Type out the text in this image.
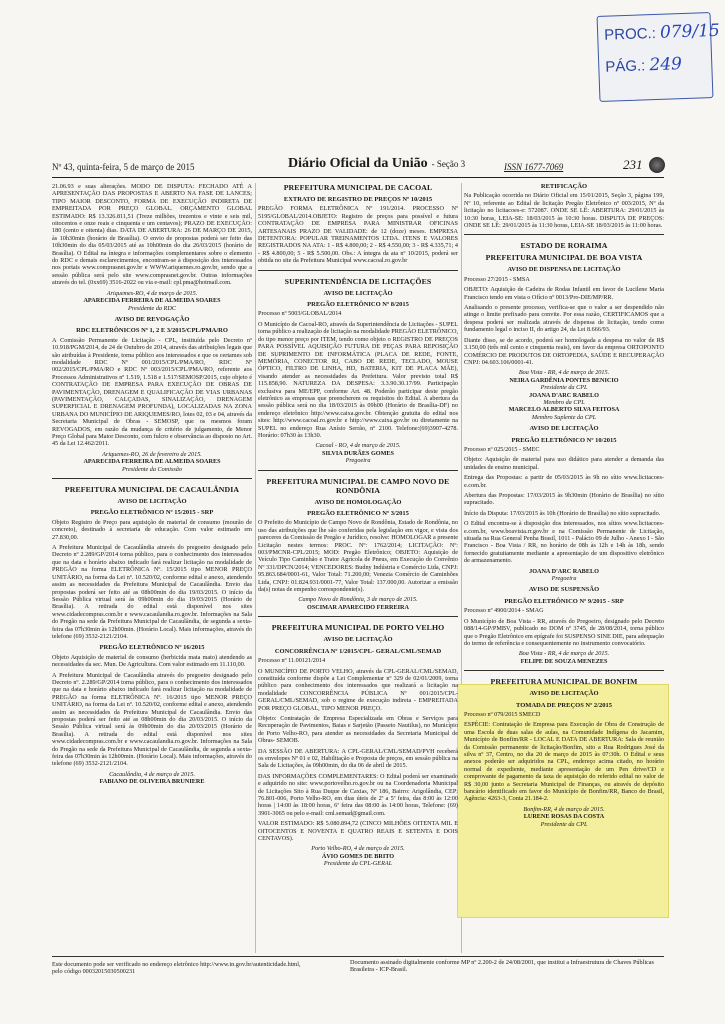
PROC.: 079/15
PÁG.: 249
Nº 43, quinta-feira, 5 de março de 2015	Diário Oficial da União - Seção 3	ISSN 1677-7069	231

21.06.93 e suas alterações. MODO DE DISPUTA: FECHADO ATÉ A APRESENTAÇÃO DAS PROPOSTAS E ABERTO NA FASE DE LANCES; TIPO MAIOR DESCONTO, FORMA DE EXECUÇÃO INDIRETA DE EMPREITADA POR PREÇO GLOBAL. ORÇAMENTO GLOBAL ESTIMADO: R$ 13.326.811,51 (Treze milhões, trezentos e vinte e seis mil, oitocentos e onze reais e cinquenta e um centavos); PRAZO DE EXECUÇÃO: 180 (cento e oitenta) dias. DATA DE ABERTURA: 26 DE MARÇO DE 2015, às 10h30min (horário de Brasília). O envio de propostas poderá ser feito das 10h30min do dia 05/03/2015 até as 10h00min do dia 26/03/2015 (horário de Brasília). O Edital na íntegra e informações complementares sobre o elemento do RDC e demais esclarecimentos, encontram-se à disposição dos interessados nos portais www.comprasnet.gov.br e WWW.ariquemes.ro.gov.br, sendo que a sessão pública será pelo site www.comprasnet.gov.br. Outras informações através do tel. (0xx69) 3516-2022 ou via e-mail: cpl.pma@hotmail.com.

Ariquemes-RO, 4 de março de 2015.
APARECIDA FERREIRA DE ALMEIDA SOARES
Presidente da RDC
AVISO DE REVOGAÇÃO
RDC ELETRÔNICOS Nº 1, 2 E 3/2015/CPL/PMA/RO

A Comissão Permanente de Licitação - CPL, instituída pelo Decreto nº 10.918/PGM/2014, de 24 de Outubro de 2014, através das atribuições legais que são atribuídas à Presidente, torna público aos interessados e que os certames sob modalidade RDC Nº 001/2015/CPL/PMA/RO, RDC Nº 002/2015/CPL/PMA/RO e RDC Nº 003/2015/CPL/PMA/RO, referente aos Processos Administrativos nº 1.519, 1.518 e 1.517/SEMOSP/2015, cujo objeto é CONTRATAÇÃO DE EMPRESA PARA EXECUÇÃO DE OBRAS DE PAVIMENTAÇÃO, DRENAGEM E QUALIFICAÇÃO DE VIAS URBANAS (PAVIMENTAÇÃO, CALÇADAS, SINALIZAÇÃO, DRENAGEM SUPERFICIAL E DRENAGEM PROFUNDA), LOCALIZADAS NA ZONA URBANA DO MUNICÍPIO DE ARIQUEMES/RO, lotes 02, 03 e 04, através da Secretaria Municipal de Obras - SEMOSP, que os mesmos foram REVOGADOS, em razão da mudança de critério de julgamento, de Menor Preço Global para Maior Desconto, com fulcro e observância ao disposto no Art. 45 da Lei 12.462/2011.

Ariquemes-RO, 26 de fevereiro de 2015.
APARECIDA FERREIRA DE ALMEIDA SOARES
Presidente da Comissão
PREFEITURA MUNICIPAL DE CACAULÂNDIA
AVISO DE LICITAÇÃO
PREGÃO ELETRÔNICO Nº 15/2015 - SRP

Objeto Registro de Preço para aquisição de material de consumo (mourão de concreto), destinado à secretaria de educação. Com valor estimado em 27.830,00.

A Prefeitura Municipal de Cacaulândia através do pregoeiro designado pelo Decreto nº 2.289/GP/2014 torna público, para o conhecimento dos interessados que na data e horário abaixo indicado fará realizar licitação na modalidade de PREGÃO na forma ELETRÔNICA Nº. 15/2015 tipo MENOR PREÇO UNITÁRIO, na forma da Lei nº. 10.520/02, conforme edital e anexo, atendendo assim as necessidades da Prefeitura Municipal de Cacaulândia. Envio das propostas poderá ser feito até as 08h00min do dia 19/03/2015. O início da Sessão Pública virtual será às 09h00min do dia 19/03/2015 (Horário de Brasília). A retirada do edital está disponível nos sites www.cidadecompras.com.br e www.cacaulandia.ro.gov.br. Informações na Sala do Pregão na sede da Prefeitura Municipal de Cacaulândia, de segunda a sexta-feira das 07h30min às 12h00min. (Horário Local). Mais informações, através do telefone (69) 3532-2121/2104.

PREGÃO ELETRÔNICO Nº 16/2015

Objeto Aquisição de material de consumo (herbicida mata mato) atendendo as necessidades da sec. Mun. De Agricultura. Com valor estimado em 11.110,00.

A Prefeitura Municipal de Cacaulândia através do pregoeiro designado pelo Decreto nº. 2.289/GP/2014 torna público, para o conhecimento dos interessados que na data e horário abaixo indicado fará realizar licitação na modalidade de PREGÃO na forma ELETRÔNICA Nº. 16/2015 tipo MENOR PREÇO UNITÁRIO, na forma da Lei nº. 10.520/02, conforme edital e anexo, atendendo assim as necessidades da Prefeitura Municipal de Cacaulândia. Envio das propostas poderá ser feito até as 08h00min do dia 20/03/2015. O início da Sessão Pública virtual será às 09h00min do dia 20/03/2015 (Horário de Brasília). A retirada do edital está disponível nos sites www.cidadecompras.com.br e www.cacaulandia.ro.gov.br. Informações na Sala do Pregão na sede da Prefeitura Municipal de Cacaulândia, de segunda a sexta-feira das 07h30min às 12h00min. (Horário Local). Mais informações, através do telefone (69) 3532-2121/2104.

Cacaulândia, 4 de março de 2015.
FABIANO DE OLIVEIRA BRUNIERE
PREFEITURA MUNICIPAL DE CACOAL
EXTRATO DE REGISTRO DE PREÇOS Nº 10/2015

PREGÃO FORMA ELETRÔNICA Nº 191/2014. PROCESSO Nº 5195/GLOBAL/2014.OBJETO: Registro de preços para possível e futura CONTRATAÇÃO DE EMPRESA PARA MINISTRAR OFICINAS ARTESANAIS PRAZO DE VALIDADE: de 12 (doze) meses. EMPRESA DETENTORA: POPULAR TREINAMENTOS LTDA. ITENS E VALORES REGISTRADOS NA ATA: 1 - R$ 4.800,00; 2 - R$ 4.550,00; 3 - R$ 4.335,71; 4 - R$ 4.800,00; 5 - R$ 5.500,00. Obs.: A íntegra da ata nº 10/2015, poderá ser obtida no site da Prefeitura Municipal www.cacoal.ro.gov.br

SUPERINTENDÊNCIA DE LICITAÇÕES
AVISO DE LICITAÇÃO
PREGÃO ELETRÔNICO Nº 8/2015

Processo nº 5003/GLOBAL/2014

O Município de Cacoal-RO, através da Superintendência de Licitações - SUPEL torna público a realização de licitação na modalidade PREGÃO ELETRÔNICO, do tipo menor preço por ITEM, tendo como objeto o REGISTRO DE PREÇOS PARA POSSÍVEL AQUISIÇÃO FUTURA DE PEÇAS PARA REPOSIÇÃO DE SUPRIMENTO DE INFORMÁTICA (PLACA DE REDE, FONTE, MEMÓRIA, CONECTOR RJ, CABO DE REDE, TECLADO, MOUSE ÓPTICO, FILTRO DE LINHA, HD, BATERIA, KIT DE PLACA MÃE), visando atender as necessidades da Prefeitura. Valor previsto total R$ 115.858,90. NATUREZA DA DESPESA: 3.3.90.30.17/99. Participação exclusiva para ME/EPP, conforme Art. 48. Poderão participar deste pregão eletrônico as empresas que preencherem os requisitos do Edital. A abertura da sessão pública será no dia 18/03/2015 às 09h00 (Horário de Brasília-DF) no endereço eletrônico http://www.caixa.gov.br. Obtenção gratuita do edital nos sites: http://www.cacoal.ro.gov.br e http://www.caixa.gov.br ou diretamente na SUPEL no endereço Rua Anísio Serrão, nº 2100. Telefone:(69)3907-4278. Horário: 07h30 às 13h30.

Cacoal - RO, 4 de março de 2015.
SILVIA DURÃES GOMES
Pregoeira
PREFEITURA MUNICIPAL DE CAMPO NOVO DE RONDÔNIA
AVISO DE HOMOLOGAÇÃO
PREGÃO ELETRÔNICO Nº 3/2015

O Prefeito do Município de Campo Novo de Rondônia, Estado de Rondônia, no uso das atribuições que lhe são conferidas pela legislação em vigor, e vista dos pareceres da Comissão de Pregão e Jurídico, resolve: HOMOLOGAR a presente Licitação nestes termos: PROC. Nº: 1762/2014; LICITAÇÃO: Nº: 003/PMCNR-CPL/2015; MOD: Pregão Eletrônico; OBJETO: Aquisição de Veículo Tipo Caminhão e Trator Agrícola de Pneus, em Execução do Convênio Nº 331/DPCN/2014; VENCEDORES: Budny Indústria e Comércio Ltda, CNPJ: 95.863.684/0001-61, Valor Total: 71.200,00; Venezia Comércio de Caminhões Ltda, CNPJ: 01.824.931/0001-77, Valor Total: 137.000,00. Autorizar a emissão da(s) notas de empenho correspondente(s).

Campo Novo de Rondônia, 3 de março de 2015.
OSCIMAR APARECIDO FERREIRA
PREFEITURA MUNICIPAL DE PORTO VELHO
AVISO DE LICITAÇÃO
CONCORRÊNCIA Nº 1/2015/CPL- GERAL/CML/SEMAD

Processo nº 11.00121/2014

O MUNICÍPIO DE PORTO VELHO, através da CPL-GERAL/CML/SEMAD, constituída conforme dispõe a Lei Complementar nº 329 de 02/01/2009, torna público para conhecimento dos interessados que realizará a licitação na modalidade CONCORRÊNCIA PÚBLICA Nº 001/2015/CPL-GERAL/CML/SEMAD, sob o regime de execução indireta - EMPREITADA POR PREÇO GLOBAL, TIPO MENOR PREÇO.

Objeto: Contratação de Empresa Especializada em Obras e Serviços para Recuperação de Pavimentos, Baias e Sarjetão (Passeio Nautilus), no Município de Porto Velho-RO, para atender as necessidades da Secretaria Municipal de Obras- SEMOB.

DA SESSÃO DE ABERTURA: A CPL-GERAL/CML/SEMAD/PVH receberá os envelopes Nº 01 e 02, Habilitação e Proposta de preços, em sessão pública na Sala de Licitações, às 09h00min, do dia 06 de abril de 2015.

DAS INFORMAÇÕES COMPLEMENTARES: O Edital poderá ser examinado e adquirido no site: www.portovelho.ro.gov.br ou na Coordenadoria Municipal de Licitações Sito à Rua Duque de Caxias, Nº 186, Bairro: Arigolândia, CEP: 76.801-006, Porto Velho-RO, em dias úteis de 2ª a 5ª feira, das 8:00 às 12:00 horas | 14:00 às 18:00 horas, 6ª feira das 08:00 às 14:00 horas, Telefone: (69) 3901-3065 ou pelo e-mail: cml.semad@gmail.com.

VALOR ESTIMADO: R$ 5.080.894,72 (CINCO MILHÕES OITENTA MIL E OITOCENTOS E NOVENTA E QUATRO REAIS E SETENTA E DOIS CENTAVOS).

Porto Velho-RO, 4 de março de 2015.
ÁVIO GOMES DE BRITO
Presidente da CPL-GERAL
RETIFICAÇÃO

Na Publicação ocorrida no Diário Oficial em 15/01/2015, Seção 3, página 199, Nº 10, referente ao Edital de licitação Pregão Eletrônico nº 003/2015, Nº da licitação no licitacoes-e: 572087. ONDE SE LÊ: ABERTURA: 29/01/2015 às 10:30 horas, LEIA-SE: 18/03/2015 às 10:30 horas. DISPUTA DE PREÇOS: ONDE SE LÊ: 29/01/2015 às 11:30 horas, LEIA-SE 18/03/2015 às 11:00 horas.

ESTADO DE RORAIMA
PREFEITURA MUNICIPAL DE BOA VISTA
AVISO DE DISPENSA DE LICITAÇÃO

Processo 27/2015 - SMSA

OBJETO: Aquisição de Cadeira de Rodas Infantil em favor de Lucilene Maria Francisco tendo em vista o Ofício nº 0013/Pro-DIE/MP/RR.

Analisando o presente processo, verifica-se que o valor a ser despendido não atinge o limite prefixado para convite. Por essa razão, CERTIFICAMOS que a despesa poderá ser realizada através de dispensa de licitação, tendo como fundamento legal o inciso II, do artigo 24, da Lei 8.666/93.

Diante disso, se de acordo, poderá ser homologada a despesa no valor de R$ 3.150,00 (três mil cento e cinquenta reais), em favor da empresa ORTOPONTO COMÉRCIO DE PRODUTOS DE ORTOPEDIA, SAÚDE E RECUPERAÇÃO CNPJ: 04.603.106/0001-41.

Boa Vista - RR, 4 de março de 2015.
NEIRA GARDÊNIA PONTES BENICIO
Presidente da CPL
JOANA D'ARC RABELO
Membro da CPL
MARCELO ALBERTO SILVA FEITOSA
Membro Suplente da CPL
AVISO DE LICITAÇÃO
PREGÃO ELETRÔNICO Nº 10/2015

Processo nº 025/2015 - SMEC

Objeto: Aquisição de material para uso didático para atender a demanda das unidades de ensino municipal.

Entrega das Propostas: a partir de 05/03/2015 às 9h no sítio www.licitacoes-e.com.br.

Abertura das Propostas: 17/03/2015 às 9h30min (Horário de Brasília) no sítio supracitado.

Início da Disputa: 17/03/2015 às 10h (Horário de Brasília) no sítio supracitado.

O Edital encontra-se à disposição dos interessados, nos sítios www.licitacoes-e.com.br, www.boavista.rr.gov.br e na Comissão Permanente de Licitação, situada na Rua General Penha Brasil, 1011 - Palácio 09 de Julho - Anexo I - São Francisco - Boa Vista / RR, no horário de 08h às 12h e 14h às 18h, sendo fornecido gratuitamente mediante a apresentação de um dispositivo eletrônico de armazenamento.

JOANA D'ARC RABELO
Pregoeira
AVISO DE SUSPENSÃO
PREGÃO ELETRÔNICO Nº 9/2015 - SRP

Processo nº 4900/2014 - SMAG

O Município de Boa Vista - RR, através do Pregoeiro, designado pelo Decreto 088/14-GP/PMBV, publicado no DOM nº 3745, de 28/08/2014, torna público que o Pregão Eletrônico em epígrafe foi SUSPENSO SINE DIE, para adequação do termo de referência e consequentemente no instrumento convocatório.

Boa Vista - RR, 4 de março de 2015.
FELIPE DE SOUZA MENEZES
PREFEITURA MUNICIPAL DE BONFIM
AVISO DE LICITAÇÃO
TOMADA DE PREÇOS Nº 2/2015

Processo nº 079/2015 SMECD

ESPÉCIE: Contratação de Empresa para Execução de Obra de Construção de uma Escola de duas salas de aulas, na Comunidade Indígena do Jacamim, Município de Bonfim/RR - LOCAL E DATA DE ABERTURA: Sala de reunião da Comissão permanente de licitação/Bonfim, sito a Rua Rodrigues José da silva nº 37, Centro, no dia 20 de março de 2015 às 07:30h. O Edital e seus anexos poderão ser adquiridos na CPL, endereço acima citado, no horário normal de expediente, mediante apresentação de um Pen drive/CD e comprovante de pagamento da taxa de aquisição do referido edital no valor de R$ 30,00 junto a Secretaria Municipal de Finanças, ou através de depósito bancário identificado em favor do Município de Bonfim/RR, Banco do Brasil, Agência: 4263-3, Conta 21.184-2.

Bonfim-RR, 4 de março de 2015.
LURENE ROSAS DA COSTA
Presidente da CPL
Este documento pode ser verificado no endereço eletrônico http://www.in.gov.br/autenticidade.html, pelo código 00032015030500231
Documento assinado digitalmente conforme MP nº 2.200-2 de 24/08/2001, que institui a Infraestrutura de Chaves Públicas Brasileira - ICP-Brasil.
